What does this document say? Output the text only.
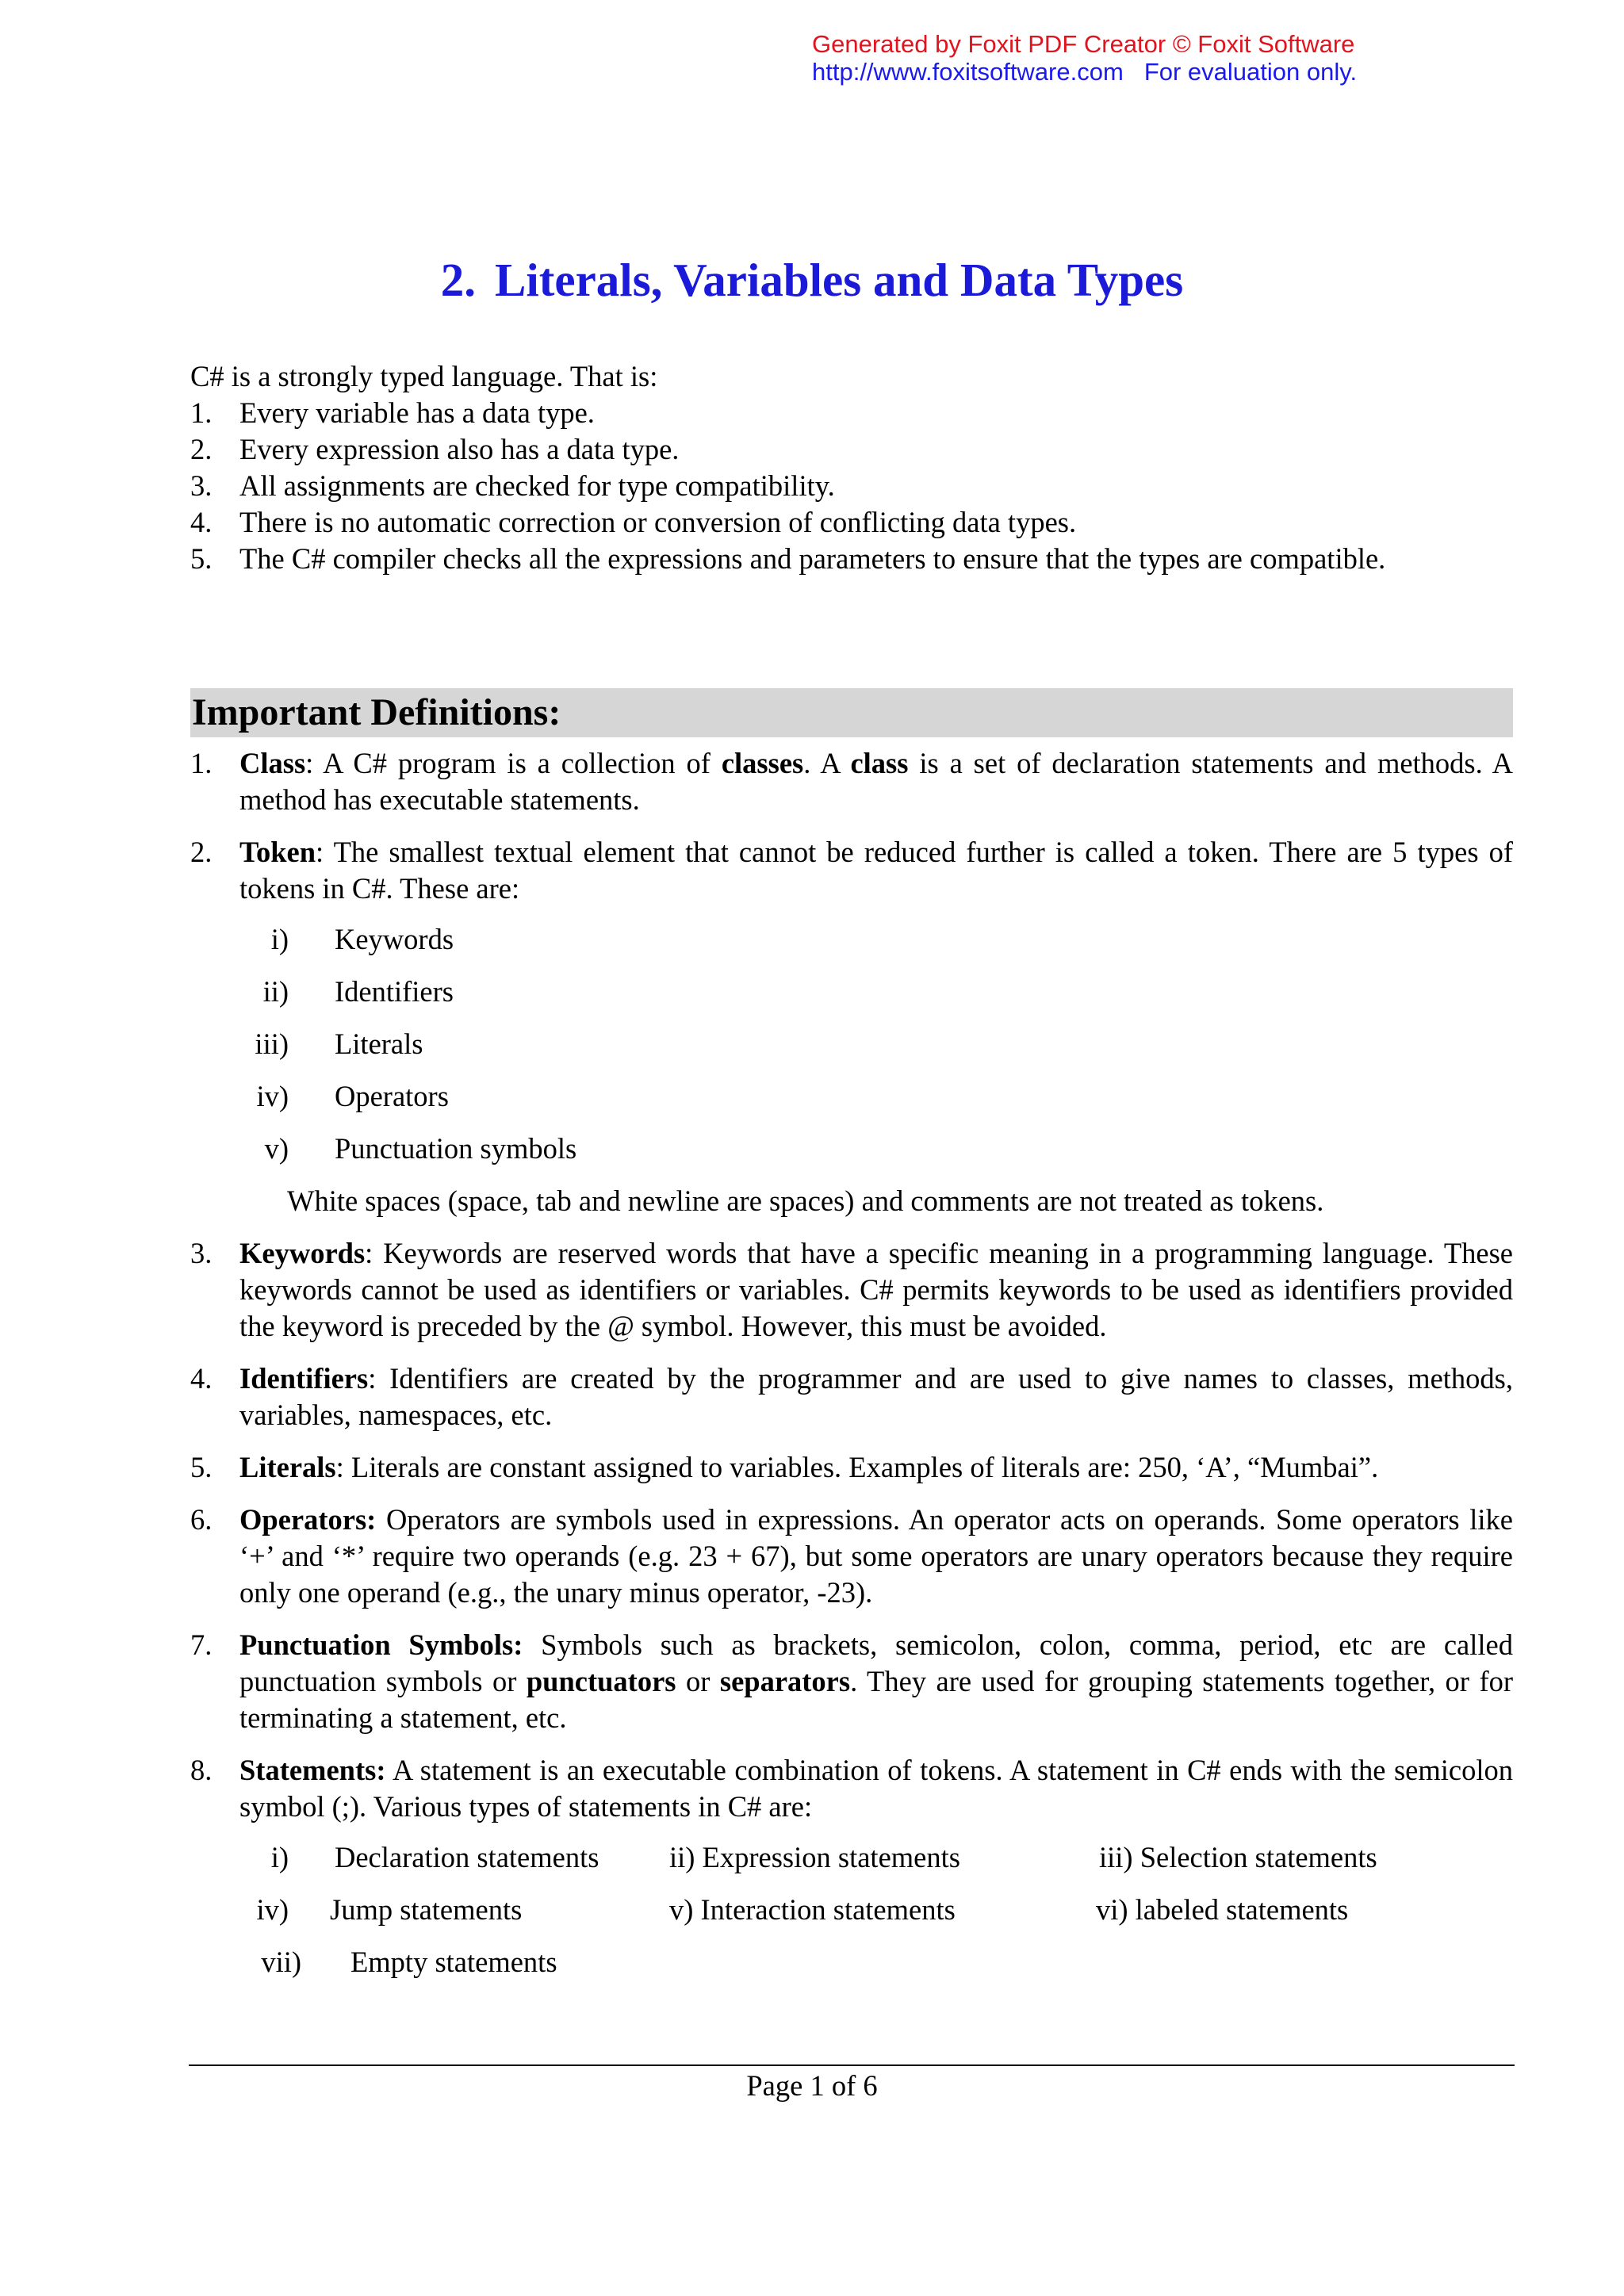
Generated by Foxit PDF Creator © Foxit Software
http://www.foxitsoftware.com For evaluation only.
2. Literals, Variables and Data Types

C# is a strongly typed language. That is:

1. Every variable has a data type.
2. Every expression also has a data type.
3. All assignments are checked for type compatibility.
4. There is no automatic correction or conversion of conflicting data types.
5. The C# compiler checks all the expressions and parameters to ensure that the types are compatible.
Important Definitions:
1. Class: A C# program is a collection of classes. A class is a set of declaration statements and methods. A method has executable statements.
2. Token: The smallest textual element that cannot be reduced further is called a token. There are 5 types of tokens in C#. These are:
i) Keywords
ii) Identifiers
iii) Literals
iv) Operators
v) Punctuation symbols
White spaces (space, tab and newline are spaces) and comments are not treated as tokens.
3. Keywords: Keywords are reserved words that have a specific meaning in a programming language. These keywords cannot be used as identifiers or variables. C# permits keywords to be used as identifiers provided the keyword is preceded by the @ symbol. However, this must be avoided.
4. Identifiers: Identifiers are created by the programmer and are used to give names to classes, methods, variables, namespaces, etc.
5. Literals: Literals are constant assigned to variables. Examples of literals are: 250, ‘A’, “Mumbai”.
6. Operators: Operators are symbols used in expressions. An operator acts on operands. Some operators like ‘+’ and ‘*’ require two operands (e.g. 23 + 67), but some operators are unary operators because they require only one operand (e.g., the unary minus operator, -23).
7. Punctuation Symbols: Symbols such as brackets, semicolon, colon, comma, period, etc are called punctuation symbols or punctuators or separators. They are used for grouping statements together, or for terminating a statement, etc.
8. Statements: A statement is an executable combination of tokens. A statement in C# ends with the semicolon symbol (;). Various types of statements in C# are:
i) Declaration statements ii) Expression statements	iii) Selection statements
iv) Jump statements	v) Interaction statements	vi) labeled statements
vii) Empty statements
Page 1 of 6
